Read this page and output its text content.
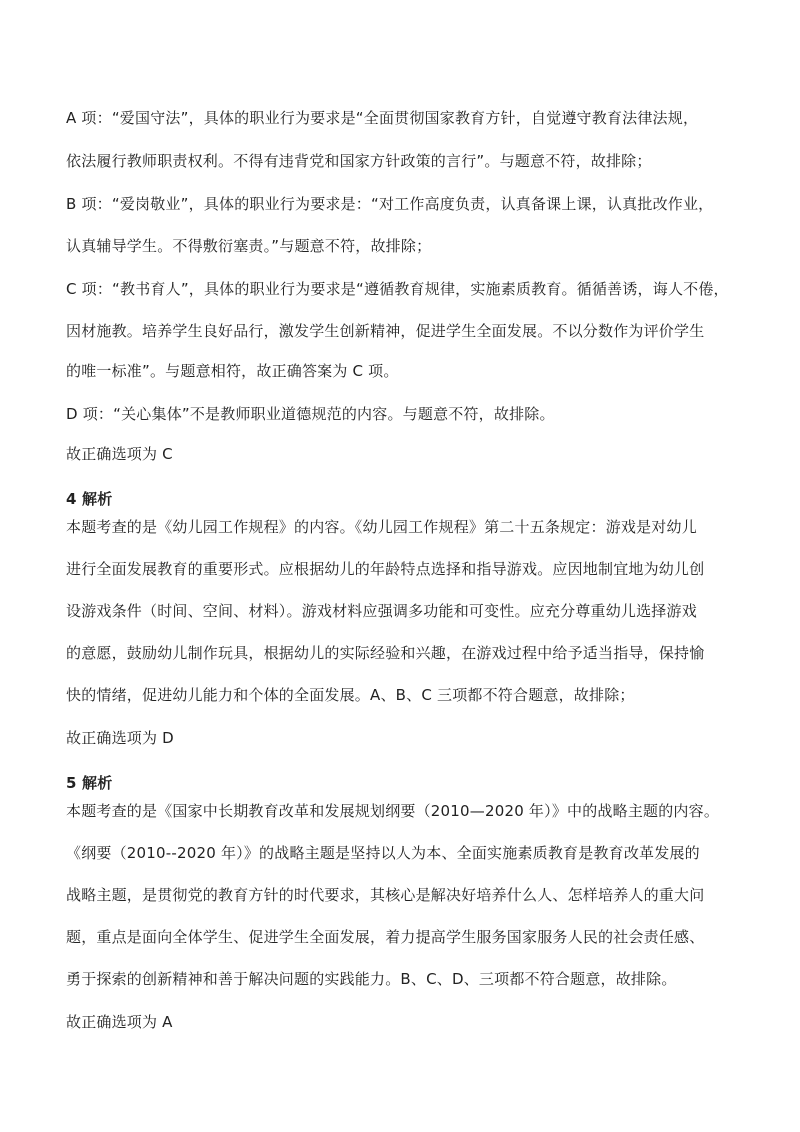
A 项：“爱国守法”，具体的职业行为要求是“全面贯彻国家教育方针，自觉遵守教育法律法规，
依法履行教师职责权利。不得有违背党和国家方针政策的言行”。与题意不符，故排除；
B 项：“爱岗敬业”，具体的职业行为要求是：“对工作高度负责，认真备课上课，认真批改作业，
认真辅导学生。不得敷衍塞责。”与题意不符，故排除；
C 项：“教书育人”，具体的职业行为要求是“遵循教育规律，实施素质教育。循循善诱，诲人不倦，
因材施教。培养学生良好品行，激发学生创新精神，促进学生全面发展。不以分数作为评价学生
的唯一标准”。与题意相符，故正确答案为 C 项。
D 项：“关心集体”不是教师职业道德规范的内容。与题意不符，故排除。
故正确选项为 C
4 解析
本题考查的是《幼儿园工作规程》的内容。《幼儿园工作规程》第二十五条规定：游戏是对幼儿
进行全面发展教育的重要形式。应根据幼儿的年龄特点选择和指导游戏。应因地制宜地为幼儿创
设游戏条件（时间、空间、材料）。游戏材料应强调多功能和可变性。应充分尊重幼儿选择游戏
的意愿，鼓励幼儿制作玩具，根据幼儿的实际经验和兴趣，在游戏过程中给予适当指导，保持愉
快的情绪，促进幼儿能力和个体的全面发展。A、B、C 三项都不符合题意，故排除；
故正确选项为 D
5 解析
本题考查的是《国家中长期教育改革和发展规划纲要（2010—2020 年）》中的战略主题的内容。
《纲要（2010--2020 年）》的战略主题是坚持以人为本、全面实施素质教育是教育改革发展的
战略主题，是贯彻党的教育方针的时代要求，其核心是解决好培养什么人、怎样培养人的重大问
题，重点是面向全体学生、促进学生全面发展，着力提高学生服务国家服务人民的社会责任感、
勇于探索的创新精神和善于解决问题的实践能力。B、C、D、三项都不符合题意，故排除。
故正确选项为 A
